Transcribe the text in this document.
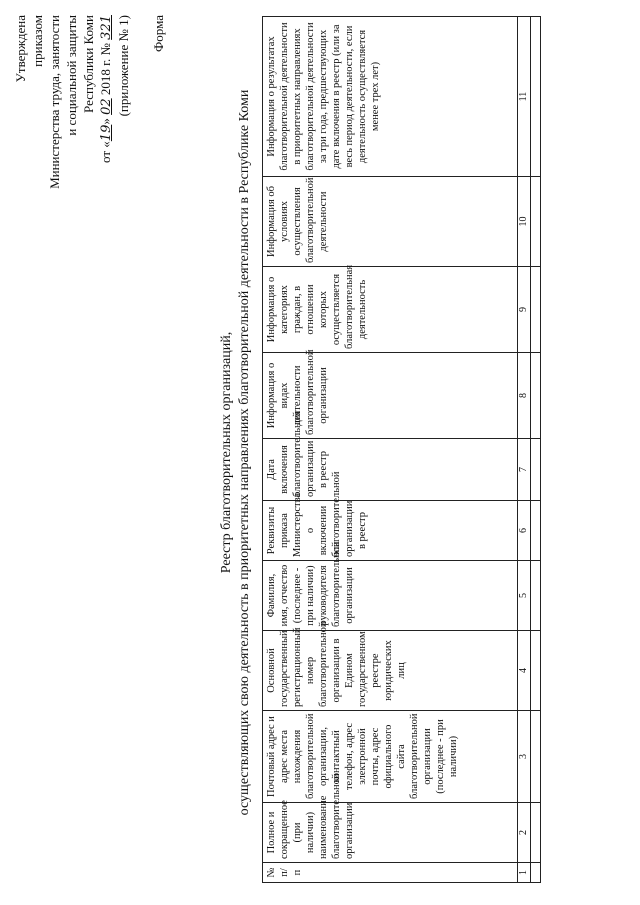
Утверждена приказом Министерства труда, занятости и социальной защиты Республики Коми
от «19» 02 2018 г. № 321 (приложение № 1) Форма
Реестр благотворительных организаций, осуществляющих свою деятельность в приоритетных направлениях благотворительной деятельности в Республике Коми
№ п/п	Полное и сокращенное (при наличии) наименование благотворительной организации	Почтовый адрес и адрес места нахождения благотворительной организации, контактный телефон, адрес электронной почты, адрес официального сайта благотворительной организации (последнее - при наличии)	Основной государственный регистрационный номер благотворительной организации в Едином государственном реестре юридических лиц	Фамилия, имя, отчество (последнее - при наличии) руководителя благотворительной организации	Реквизиты приказа Министерства о включении благотворительной организации в реестр	Дата включения благотворительной организации в реестр	Информация о видах деятельности благотворительной организации	Информация о категориях граждан, в отношении которых осуществляется благотворительная деятельность	Информация об условиях осуществления благотворительной деятельности	Информация о результатах благотворительной деятельности в приоритетных направлениях благотворительной деятельности за три года, предшествующих дате включения в реестр (или за весь период деятельности, если деятельность осуществляется менее трех лет)
1	2	3	4	5	6	7	8	9	10	11
